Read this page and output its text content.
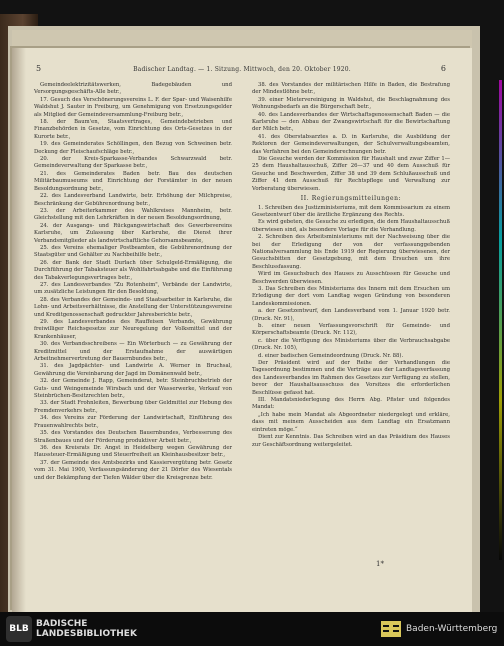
5	Badischer Landtag. — 1. Sitzung. Mittwoch, den 20. Oktober 1920.	6

Gemeindeelektrizitätswerken, Badegebäuden und Versorgungsgeschäfts-Alle betr.,

17. Gesuch des Verschönerungsvereins L. F. der Spar- und Waisenhilfe Waldshut J. Sauter in Freiburg, um Genehmigung von Ersetzungsgelder als Mitglied der Gemeindeversammlung-Freiburg betr.,

18. der Baum'en, Staatsvertrages, Gemeindebetrieben und Finanzbehörden in Gesetze, vom Einrichtung des Orts-Gesetzes in der Kurorte betr.,

19. des Gemeinderates Schöllingen, den Bezug von Schweinen betr. Deckung der Fleischaufschläge betr.,

20. der Kreis-Sparkasse-Verbandes Schwarzwald betr. Gemeindeverwaltung der Sparkasse betr.,

21. des Gemeinderates Baden betr. Bau des deutschen Militärbaumuseums und Einrichtung der Forstämter in der neuen Besoldungsordnung betr.,

22. des Landesverband Landwirte, betr. Erhöhung der Milchpreise, Beschränkung der Gebührenordnung betr.,

23. der Arbeiterkammer des Wahlkreises Mannheim, betr. Gleichstellung mit den Lehrkräften in der neuen Besoldungsordnung,

24. der Ausgangs- und Rückgangswirtschaft des Gewerbevereins Karlsruhe, um Zulassung über Karlsruhe, die Dienst ihrer Verbandsmitglieder als landwirtschaftliche Gehorsamsbeamte,

25. des Vereins ehemaliger Postbeamten, die Gebührenordnung der Staatsgüter und Gehälter zu Nachbeihilfe betr.,

26. der Bank der Stadt Durlach über Schulgeld-Ermäßigung, die Durchführung der Tabaksteuer als Wohlfahrtsabgabe und die Einführung des Tabakverlegungsvertrages betr.,

27. des Landesverbandes "Zu Rotenheim", Verbände der Landwirte, um zusätzliche Leistungen für den Besoldung,

28. des Verbandes der Gemeinde- und Staatsarbeiter in Karlsruhe, die Lohn- und Arbeitsverhältnisse, die Anstellung der Unterstützungsvereine und Kreditgenossenschaft gedruckter Jahresberichte betr.,

29. des Landesverbandes des Rauffeisen Verbands, Gewährung freiwilliger Reichsgesetze zur Neuregelung der Volksmittel und der Krankenhäuser,

30. des Verbandsschreibens — Ein Wörterbuch — zu Gewährung der Kreditmittel und der Erstaufnahme der auswärtigen Arbeitnehmervertretung der Bauernbundes betr.,

31. des Jagdpächter- und Landwirte A. Werner in Bruchsal, Gewährung die Vereinbarung der Jagd im Domänenwald betr.,

32. der Gemeinde J. Rapp, Gemeinderat, betr. Steinbruchbetrieb der Guts- und Weingemeinde Wirsbach und der Wasserwerke, Verkauf von Steinbrüchen-Besitzrechten betr.,

33. der Stadt Frohnleiten, Bewerbung über Geldmittel zur Hebung des Fremdenverkehrs betr.,

34. des Vereins zur Förderung der Landwirtschaft, Einführung des Frauenwahlrechts betr.,

35. des Vorstandes des Deutschen Bauernbundes, Verbesserung des Straßenbaues und der Förderung produktiver Arbeit betr.,

36. des Kreisrats Dr. Angst in Heidelberg wegen Gewährung der Haussteuer-Ermäßigung und Steuerfreiheit an Kleinhausbesitzer betr.,

37. der Gemeinde des Amtsbezirks und Kassiervergütung betr. Gesetz vom 31. Mai 1900, Verfassungsänderung der 21 Dörfer des Wiesentals und der Bekämpfung der Tiefen Wälder über die Kreisgrenze betr.

38. des Vorstandes der militärischen Hilfe in Baden, die Bestrafung der Mindestlöhne betr.,

39. einer Mietervereinigung in Waldshut, die Beschlagnahmung des Wohnungsbedarfs an die Bürgerschaft betr.,

40. des Landesverbandes der Wirtschaftsgenossenschaft Baden — die Karlsruhe — den Abbau der Zwangswirtschaft für die Bewirtschaftung der Milch betr.,

41. des Oberstabsarztes a. D. in Karlsruhe, die Ausbildung der Rektoren der Gemeindeverwaltungen, der Schulverwaltungsbeamten, das Verfahren bei den Gemeinderechnungen betr.

Die Gesuche werden der Kommission für Haushalt und zwar Ziffer 1—25 dem Haushaltausschuß, Ziffer 26—37 und 40 dem Ausschuß für Gesuche und Beschwerden, Ziffer 38 und 39 dem Schlußausschuß und Ziffer 41 dem Ausschuß für Rechtspflege und Verwaltung zur Vorberatung überwiesen.

II. Regierungsmitteilungen:

1. Schreiben des Justizministeriums, mit dem Kommissarium zu einem Gesetzentwurf über die ärztliche Ergänzung des Rechts.

Es wird gebeten, die Gesuche zu erledigen, die dem Haushaltausschuß überwiesen sind, als besondere Vorlage für die Verhandlung.

2. Schreiben des Arbeitsministeriums mit der Nachweisung über die bei der Erledigung der von der verfassunggebenden Nationalversammlung bis Ende 1919 der Regierung überwiesenen, der Gesuchsbitten der Gesetzgebung, mit dem Ersuchen um ihre Beschlussfassung.

Wird im Gesuchsbuch des Hauses zu Ausschüssen für Gesuche und Beschwerden überwiesen.

3. Das Schreiben des Ministeriums des Innern mit dem Ersuchen um Erledigung der dort vom Landtag wegen Gründung von besonderen Landeskommissionen.

a. der Gesetzentwurf, den Landesverband vom 1. Januar 1920 betr. (Druck. Nr. 91),

b. einer neuen Verfassungsvorschrift für Gemeinde- und Körperschaftsbeamte (Druck. Nr. 112),

c. über die Verfügung des Ministeriums über die Verbrauchsabgabe (Druck. Nr. 105),

d. einer badischen Gemeindeordnung (Druck. Nr. 88).

Der Präsident wird auf der Reihe der Verhandlungen die Tagesordnung bestimmen und die Verträge aus der Landtagsverfassung des Landesverbandes im Rahmen des Gesetzes zur Verfügung zu stellen, bevor der Haushaltsausschuss des Vorsitzes die erforderlichen Beschlüsse gefasst hat.

III. Mandatsniederlegung des Herrn Abg. Pfister und folgendes Mandat:

„Ich habe mein Mandat als Abgeordneter niedergelegt und erkläre, dass mit meinem Ausscheiden aus dem Landtag ein Ersatzmann eintreten möge.“

Dient zur Kenntnis. Das Schreiben wird an das Präsidium des Hauses zur Geschäftsordnung weitergeleitet.

1*
BLB BADISCHE
LANDESBIBLIOTHEK	Baden-Württemberg
